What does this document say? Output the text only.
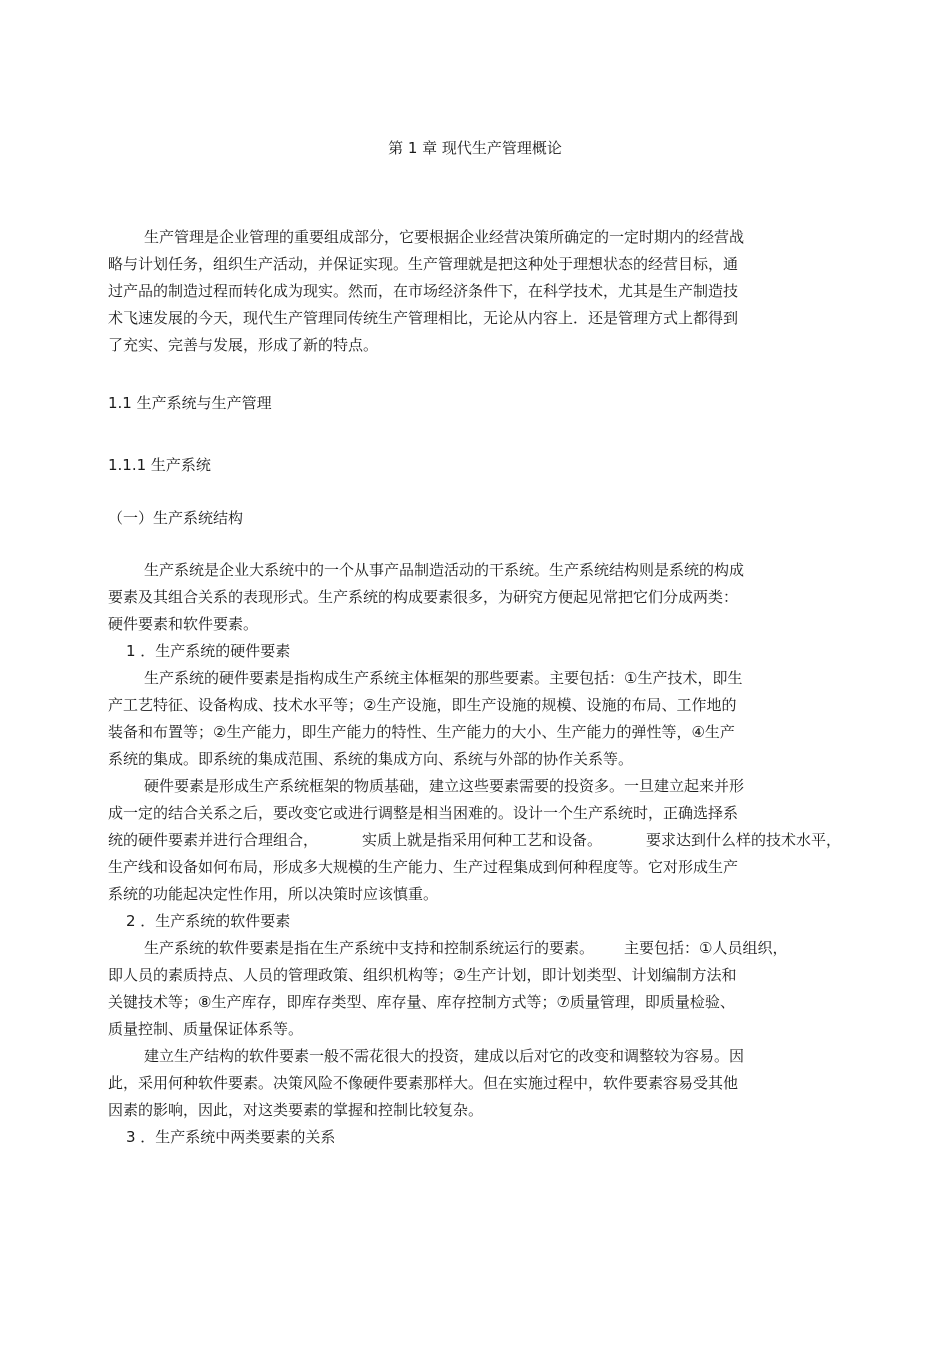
第 1 章 现代生产管理概论
生产管理是企业管理的重要组成部分，它要根据企业经营决策所确定的一定时期内的经营战
略与计划任务，组织生产活动，并保证实现。生产管理就是把这种处于理想状态的经营目标，通
过产品的制造过程而转化成为现实。然而，在市场经济条件下，在科学技术，尤其是生产制造技
术飞速发展的今天，现代生产管理同传统生产管理相比，无论从内容上．还是管理方式上都得到
了充实、完善与发展，形成了新的特点。
1.1 生产系统与生产管理
1.1.1 生产系统
（一）生产系统结构
生产系统是企业大系统中的一个从事产品制造活动的干系统。生产系统结构则是系统的构成
要素及其组合关系的表现形式。生产系统的构成要素很多，为研究方便起见常把它们分成两类：
硬件要素和软件要素。
1 ．生产系统的硬件要素
生产系统的硬件要素是指构成生产系统主体框架的那些要素。主要包括：①生产技术，即生
产工艺特征、设备构成、技术水平等；②生产设施，即生产设施的规模、设施的布局、工作地的
装备和布置等；②生产能力，即生产能力的特性、生产能力的大小、生产能力的弹性等，④生产
系统的集成。即系统的集成范围、系统的集成方向、系统与外部的协作关系等。
硬件要素是形成生产系统框架的物质基础，建立这些要素需要的投资多。一旦建立起来并形
成一定的结合关系之后，要改变它或进行调整是相当困难的。设计一个生产系统时，正确选择系
统的硬件要素并进行合理组合，	实质上就是指采用何种工艺和设备。	要求达到什么样的技术水平，
生产线和设备如何布局，形成多大规模的生产能力、生产过程集成到何种程度等。它对形成生产
系统的功能起决定性作用，所以决策时应该慎重。
2 ．生产系统的软件要素
生产系统的软件要素是指在生产系统中支持和控制系统运行的要素。 主要包括：①人员组织，
即人员的素质持点、人员的管理政策、组织机构等；②生产计划，即计划类型、计划编制方法和
关键技术等；⑧生产库存，即库存类型、库存量、库存控制方式等；⑦质量管理，即质量检验、
质量控制、质量保证体系等。
建立生产结构的软件要素一般不需花很大的投资，建成以后对它的改变和调整较为容易。因
此，采用何种软件要素。决策风险不像硬件要素那样大。但在实施过程中，软件要素容易受其他
因素的影响，因此，对这类要素的掌握和控制比较复杂。
3 ．生产系统中两类要素的关系
